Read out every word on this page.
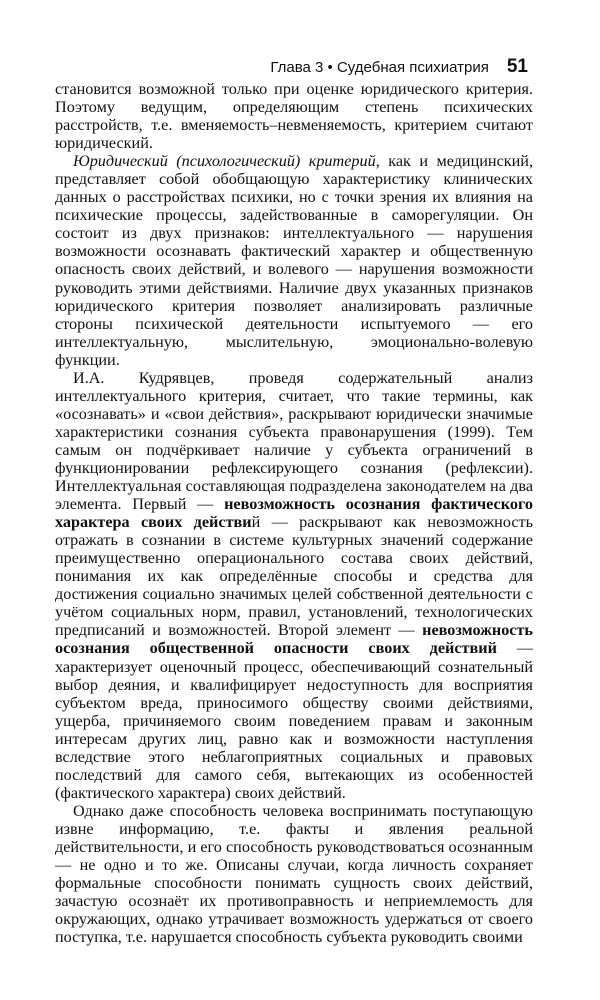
Глава 3 • Судебная психиатрия 51

становится возможной только при оценке юридического критерия. Поэтому ведущим, определяющим степень психических расстройств, т.е. вменяемость–невменяемость, критерием считают юридический.

Юридический (психологический) критерий, как и медицинский, представляет собой обобщающую характеристику клинических данных о расстройствах психики, но с точки зрения их влияния на психические процессы, задействованные в саморегуляции. Он состоит из двух признаков: интеллектуального — нарушения возможности осознавать фактический характер и общественную опасность своих действий, и волевого — нарушения возможности руководить этими действиями. Наличие двух указанных признаков юридического критерия позволяет анализировать различные стороны психической деятельности испытуемого — его интеллектуальную, мыслительную, эмоционально-волевую функции.

И.А. Кудрявцев, проведя содержательный анализ интеллектуального критерия, считает, что такие термины, как «осознавать» и «свои действия», раскрывают юридически значимые характеристики сознания субъекта правонарушения (1999). Тем самым он подчёркивает наличие у субъекта ограничений в функционировании рефлексирующего сознания (рефлексии). Интеллектуальная составляющая подразделена законодателем на два элемента. Первый — невозможность осознания фактического характера своих действий — раскрывают как невозможность отражать в сознании в системе культурных значений содержание преимущественно операционального состава своих действий, понимания их как определённые способы и средства для достижения социально значимых целей собственной деятельности с учётом социальных норм, правил, установлений, технологических предписаний и возможностей. Второй элемент — невозможность осознания общественной опасности своих действий — характеризует оценочный процесс, обеспечивающий сознательный выбор деяния, и квалифицирует недоступность для восприятия субъектом вреда, приносимого обществу своими действиями, ущерба, причиняемого своим поведением правам и законным интересам других лиц, равно как и возможности наступления вследствие этого неблагоприятных социальных и правовых последствий для самого себя, вытекающих из особенностей (фактического характера) своих действий.

Однако даже способность человека воспринимать поступающую извне информацию, т.е. факты и явления реальной действительности, и его способность руководствоваться осознанным — не одно и то же. Описаны случаи, когда личность сохраняет формальные способности понимать сущность своих действий, зачастую осознаёт их противоправность и неприемлемость для окружающих, однако утрачивает возможность удержаться от своего поступка, т.е. нарушается способность субъекта руководить своими
